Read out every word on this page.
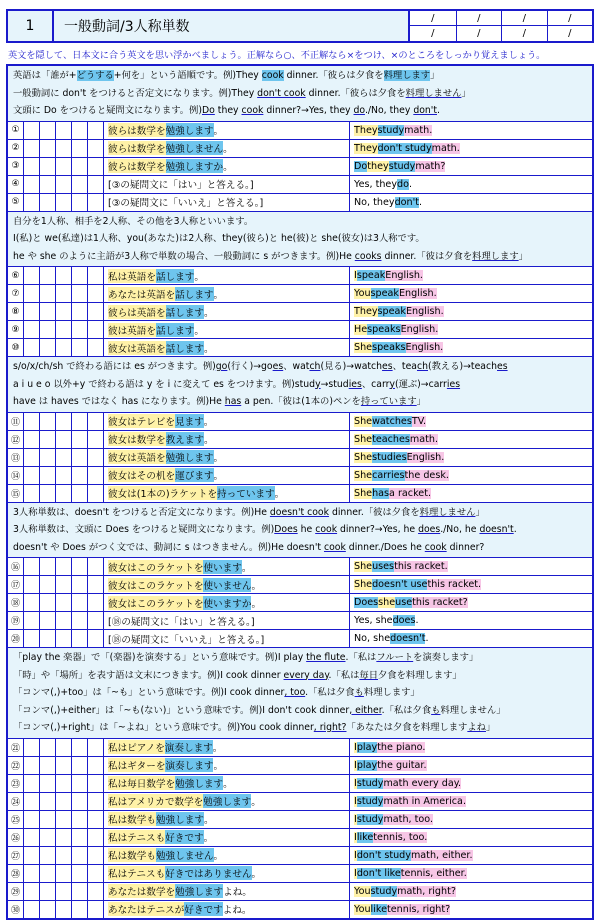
1	一般動詞/3人称単数
/	/	/	/
/	/	/	/
英文を隠して、日本文に合う英文を思い浮かべましょう。正解なら○、不正解なら×をつけ、×のところをしっかり覚えましょう。
英語は「誰が+どうする+何を」という語順です。例)They cook dinner.「彼らは夕食を料理します」
一般動詞に don't をつけると否定文になります。例)They don't cook dinner.「彼らは夕食を料理しません」
文頭に Do をつけると疑問文になります。例)Do they cook dinner?→Yes, they do./No, they don't.
①	彼らは数学を 勉強します 。	They study math.
②	彼らは数学を 勉強しません 。	They don't study math.
③	彼らは数学を 勉強しますか 。	Do they study math?
④	[③の疑問文に「はい」と答える。]	Yes, they do .
⑤	[③の疑問文に「いいえ」と答える。]	No, they don't .
自分を1人称、相手を2人称、その他を3人称といいます。
I(私)と we(私達)は1人称、you(あなた)は2人称、they(彼ら)と he(彼)と she(彼女)は3人称です。
he や she のように主語が3人称で単数の場合、一般動詞に s がつきます。例)He cooks dinner.「彼は夕食を料理します」
⑥	私は英語を 話します 。	I speak English.
⑦	あなたは英語を 話します 。	You speak English.
⑧	彼らは英語を 話します 。	They speak English.
⑨	彼は英語を 話します 。	He speaks English.
⑩	彼女は英語を 話します 。	She speaks English.
s/o/x/ch/sh で終わる語には es がつきます。例)go(行く)→goes、watch(見る)→watches、teach(教える)→teaches
a i u e o 以外+y で終わる語は y を i に変えて es をつけます。例)study→studies、carry(運ぶ)→carries
have は haves ではなく has になります。例)He has a pen.「彼は(1本の)ペンを持っています」
⑪	彼女はテレビを 見ます 。	She watches TV.
⑫	彼女は数学を 教えます 。	She teaches math.
⑬	彼女は英語を 勉強します 。	She studies English.
⑭	彼女はその机を 運びます 。	She carries the desk.
⑮	彼女は(1本の)ラケットを 持っています 。	She has a racket.
3人称単数は、doesn't をつけると否定文になります。例)He doesn't cook dinner.「彼は夕食を料理しません」
3人称単数は、文頭に Does をつけると疑問文になります。例)Does he cook dinner?→Yes, he does./No, he doesn't.
doesn't や Does がつく文では、動詞に s はつきません。例)He doesn't cook dinner./Does he cook dinner?
⑯	彼女はこのラケットを 使います 。	She uses this racket.
⑰	彼女はこのラケットを 使いません 。	She doesn't use this racket.
⑱	彼女はこのラケットを 使いますか 。	Does she use this racket?
⑲	[⑱の疑問文に「はい」と答える。]	Yes, she does .
⑳	[⑱の疑問文に「いいえ」と答える。]	No, she doesn't .
「play the 楽器」で「(楽器)を演奏する」という意味です。例)I play the flute.「私はフルートを演奏します」
「時」や「場所」を表す語は文末につきます。例)I cook dinner every day.「私は毎日夕食を料理します」
「コンマ(,)+too」は「~も」という意味です。例)I cook dinner, too.「私は夕食も料理します」
「コンマ(,)+either」は「~も(ない)」という意味です。例)I don't cook dinner, either.「私は夕食も料理しません」
「コンマ(,)+right」は「~よね」という意味です。例)You cook dinner, right?「あなたは夕食を料理しますよね」
㉑	私はピアノを 演奏します 。	I play the piano.
㉒	私はギターを 演奏します 。	I play the guitar.
㉓	私は毎日数学を 勉強します 。	I study math every day.
㉔	私はアメリカで数学を 勉強します 。	I study math in America.
㉕	私は数学も 勉強します 。	I study math, too.
㉖	私はテニスも 好きです 。	I like tennis, too.
㉗	私は数学も 勉強しません 。	I don't study math, either.
㉘	私はテニスも 好きではありません 。	I don't like tennis, either.
㉙	あなたは数学を 勉強します よね。	You study math, right?
㉚	あなたはテニスが 好きです よね。	You like tennis, right?
